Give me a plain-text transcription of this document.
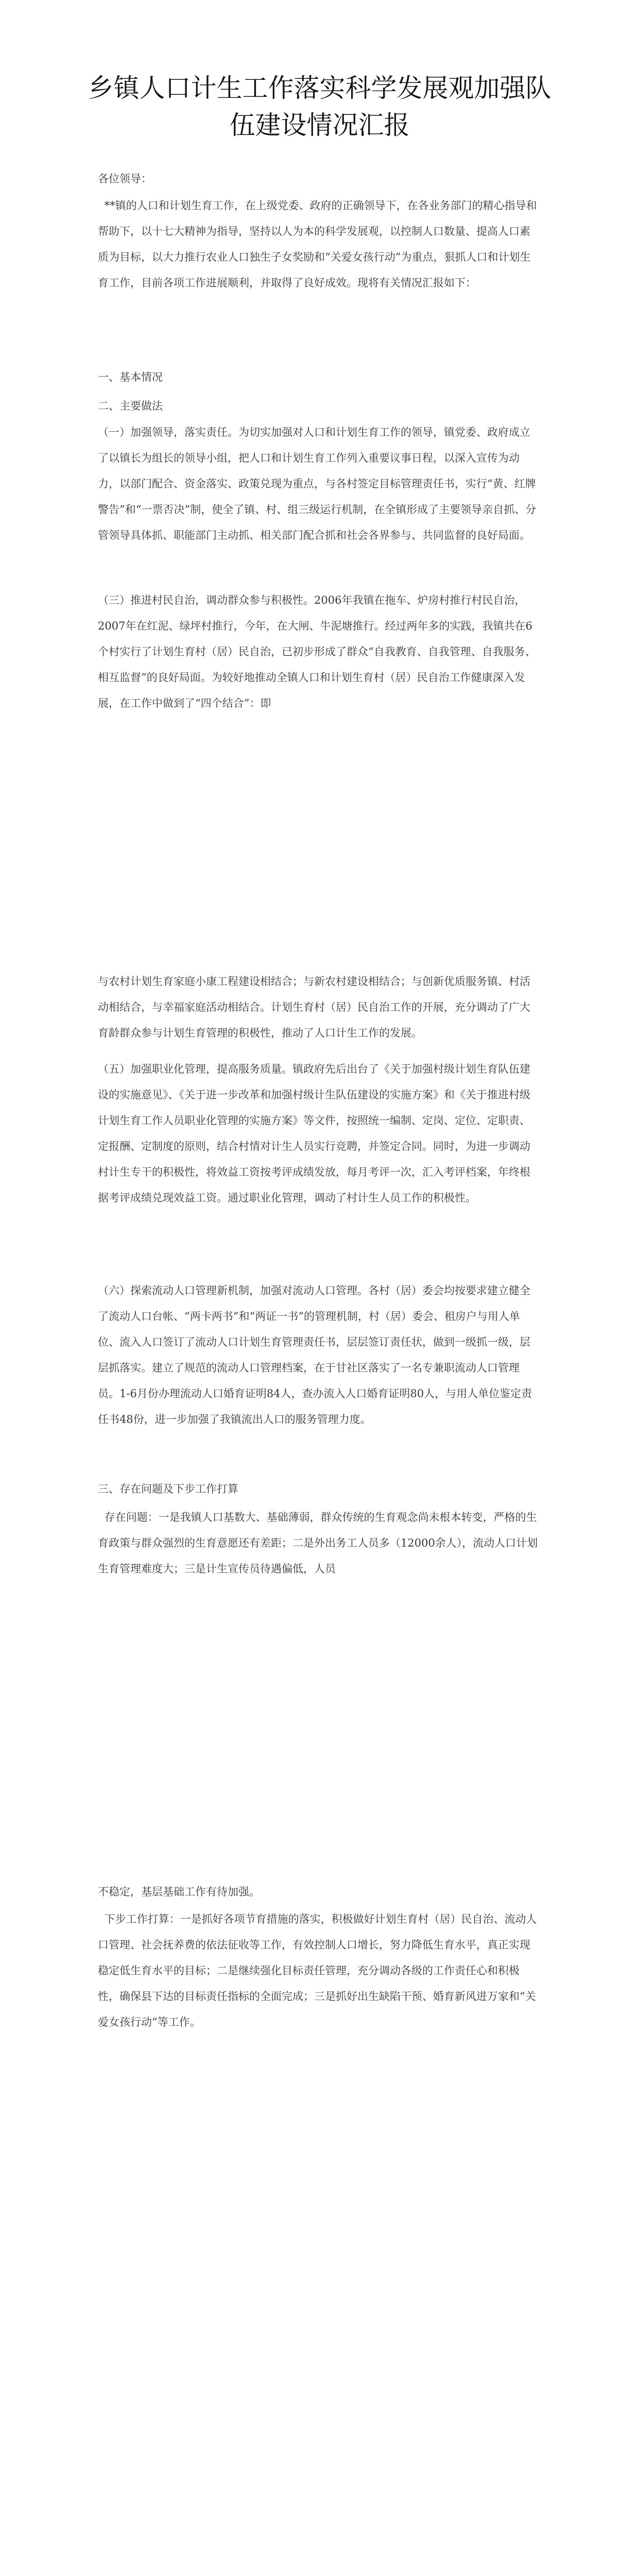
乡镇人口计生工作落实科学发展观加强队
伍建设情况汇报

各位领导：

**镇的人口和计划生育工作，在上级党委、政府的正确领导下，在各业务部门的精心指导和帮助下，以十七大精神为指导，坚持以人为本的科学发展观，以控制人口数量、提高人口素质为目标，以大力推行农业人口独生子女奖励和“关爱女孩行动”为重点，狠抓人口和计划生育工作，目前各项工作进展顺利，并取得了良好成效。现将有关情况汇报如下：

一、基本情况

二、主要做法

（一）加强领导，落实责任。为切实加强对人口和计划生育工作的领导，镇党委、政府成立了以镇长为组长的领导小组，把人口和计划生育工作列入重要议事日程，以深入宣传为动力，以部门配合、资金落实、政策兑现为重点，与各村签定目标管理责任书，实行“黄、红牌警告”和“一票否决”制，使全了镇、村、组三级运行机制，在全镇形成了主要领导亲自抓、分管领导具体抓、职能部门主动抓、相关部门配合抓和社会各界参与、共同监督的良好局面。

（三）推进村民自治，调动群众参与积极性。2006年我镇在拖车、炉房村推行村民自治，2007年在红泥、绿坪村推行，今年，在大闸、牛泥塘推行。经过两年多的实践，我镇共在6个村实行了计划生育村（居）民自治，已初步形成了群众“自我教育、自我管理、自我服务、相互监督”的良好局面。为较好地推动全镇人口和计划生育村（居）民自治工作健康深入发展，在工作中做到了“四个结合”：即

与农村计划生育家庭小康工程建设相结合；与新农村建设相结合；与创新优质服务镇、村活动相结合，与幸福家庭活动相结合。计划生育村（居）民自治工作的开展，充分调动了广大育龄群众参与计划生育管理的积极性，推动了人口计生工作的发展。

（五）加强职业化管理，提高服务质量。镇政府先后出台了《关于加强村级计划生育队伍建设的实施意见》、《关于进一步改革和加强村级计生队伍建设的实施方案》和《关于推进村级计划生育工作人员职业化管理的实施方案》等文件，按照统一编制、定岗、定位、定职责、定报酬、定制度的原则，结合村情对计生人员实行竞聘，并签定合同。同时，为进一步调动村计生专干的积极性，将效益工资按考评成绩发放，每月考评一次，汇入考评档案，年终根据考评成绩兑现效益工资。通过职业化管理，调动了村计生人员工作的积极性。

（六）探索流动人口管理新机制，加强对流动人口管理。各村（居）委会均按要求建立健全了流动人口台帐、“两卡两书”和“两证一书”的管理机制，村（居）委会、租房户与用人单位、流入人口签订了流动人口计划生育管理责任书，层层签订责任状，做到一级抓一级，层层抓落实。建立了规范的流动人口管理档案，在于甘社区落实了一名专兼职流动人口管理员。1-6月份办理流动人口婚育证明84人，查办流入人口婚育证明80人，与用人单位鉴定责任书48份，进一步加强了我镇流出人口的服务管理力度。

三、存在问题及下步工作打算

存在问题：一是我镇人口基数大、基础薄弱，群众传统的生育观念尚未根本转变，严格的生育政策与群众强烈的生育意愿还有差距；二是外出务工人员多（12000余人），流动人口计划生育管理难度大；三是计生宣传员待遇偏低，人员

不稳定，基层基础工作有待加强。

下步工作打算：一是抓好各项节育措施的落实，积极做好计划生育村（居）民自治、流动人口管理、社会抚养费的依法征收等工作，有效控制人口增长，努力降低生育水平，真正实现稳定低生育水平的目标；二是继续强化目标责任管理，充分调动各级的工作责任心和积极性，确保县下达的目标责任指标的全面完成；三是抓好出生缺陷干预、婚育新风进万家和“关爱女孩行动”等工作。
